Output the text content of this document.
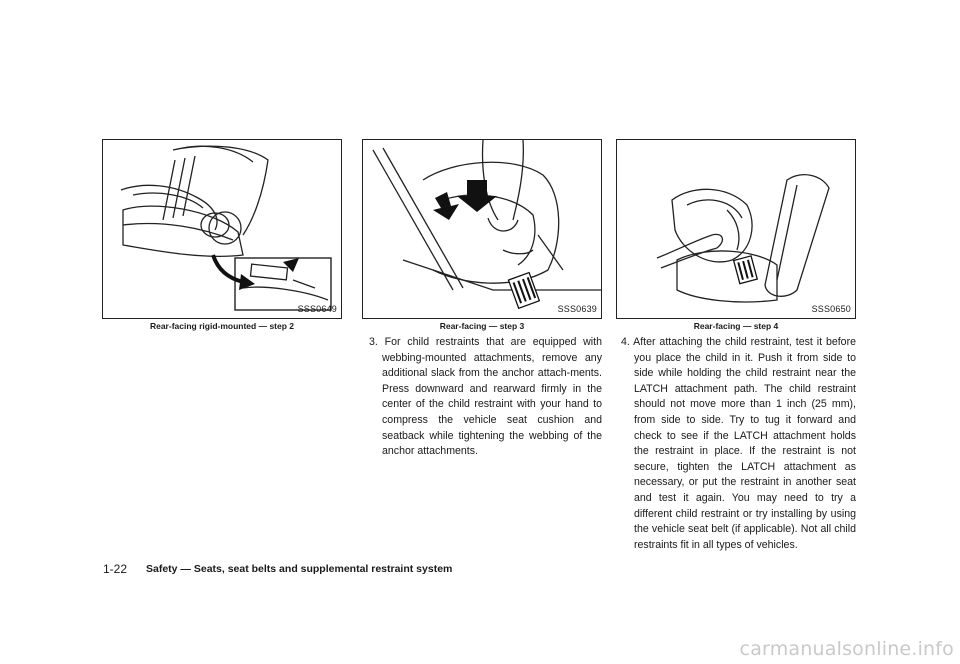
SSS0649
Rear-facing rigid-mounted — step 2
SSS0639
Rear-facing — step 3
SSS0650
Rear-facing — step 4
3. For child restraints that are equipped with webbing-mounted attachments, remove any additional slack from the anchor attach-ments. Press downward and rearward firmly in the center of the child restraint with your hand to compress the vehicle seat cushion and seatback while tightening the webbing of the anchor attachments.
4. After attaching the child restraint, test it before you place the child in it. Push it from side to side while holding the child restraint near the LATCH attachment path. The child restraint should not move more than 1 inch (25 mm), from side to side. Try to tug it forward and check to see if the LATCH attachment holds the restraint in place. If the restraint is not secure, tighten the LATCH attachment as necessary, or put the restraint in another seat and test it again. You may need to try a different child restraint or try installing by using the vehicle seat belt (if applicable). Not all child restraints fit in all types of vehicles.
1-22 Safety — Seats, seat belts and supplemental restraint system
carmanualsonline.info
